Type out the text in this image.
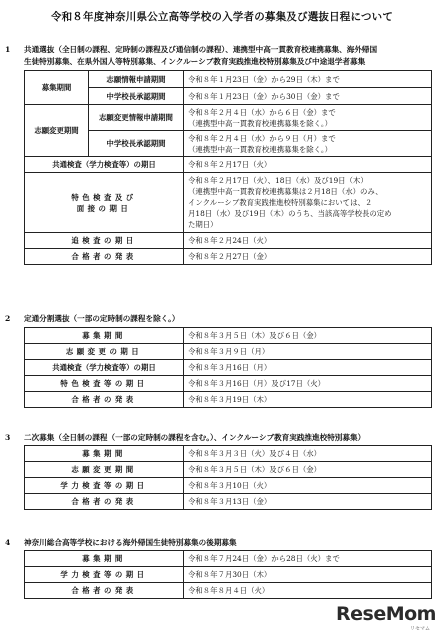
令和８年度神奈川県公立高等学校の入学者の募集及び選抜日程について
1 共通選抜（全日制の課程、定時制の課程及び通信制の課程）、連携型中高一貫教育校連携募集、海外帰国
生徒特別募集、在県外国人等特別募集、インクルーシブ教育実践推進校特別募集及び中途退学者募集
募集期間	志願情報申請期間	令和８年１月23日（金）から29日（木）まで
	中学校長承認期間	令和８年１月23日（金）から30日（金）まで
志願変更期間	志願変更情報申請期間	令和８年２月４日（水）から６日（金）まで
（連携型中高一貫教育校連携募集を除く。）

	中学校長承認期間	令和８年２月４日（水）から９日（月）まで
（連携型中高一貫教育校連携募集を除く。）

共通検査（学力検査等）の期日		令和８年２月17日（火）

特色検査及び
面接の期日		令和８年２月17日（火）、18日（水）及び19日（木）
（連携型中高一貫教育校連携募集は２月18日（水）のみ、
インクルーシブ教育実践推進校特別募集においては、２
月18日（水）及び19日（木）のうち、当該高等学校長の定め
た期日）

追検査の期日		令和８年２月24日（火）
合格者の発表		令和８年２月27日（金）
2 定通分割選抜（一部の定時制の課程を除く。）
募集期間	令和８年３月５日（木）及び６日（金）
志願変更の期日	令和８年３月９日（月）
共通検査（学力検査等）の期日	令和８年３月16日（月）
特色検査等の期日	令和８年３月16日（月）及び17日（火）
合格者の発表	令和８年３月19日（木）
3 二次募集（全日制の課程（一部の定時制の課程を含む。）、インクルーシブ教育実践推進校特別募集）
募集期間	令和８年３月３日（火）及び４日（水）
志願変更期間	令和８年３月５日（木）及び６日（金）
学力検査等の期日	令和８年３月10日（火）
合格者の発表	令和８年３月13日（金）
4 神奈川総合高等学校における海外帰国生徒特別募集の後期募集
募集期間	令和８年７月24日（金）から28日（火）まで
学力検査等の期日	令和８年７月30日（木）
合格者の発表	令和８年８月４日（火）
ReseMom
リセマム
